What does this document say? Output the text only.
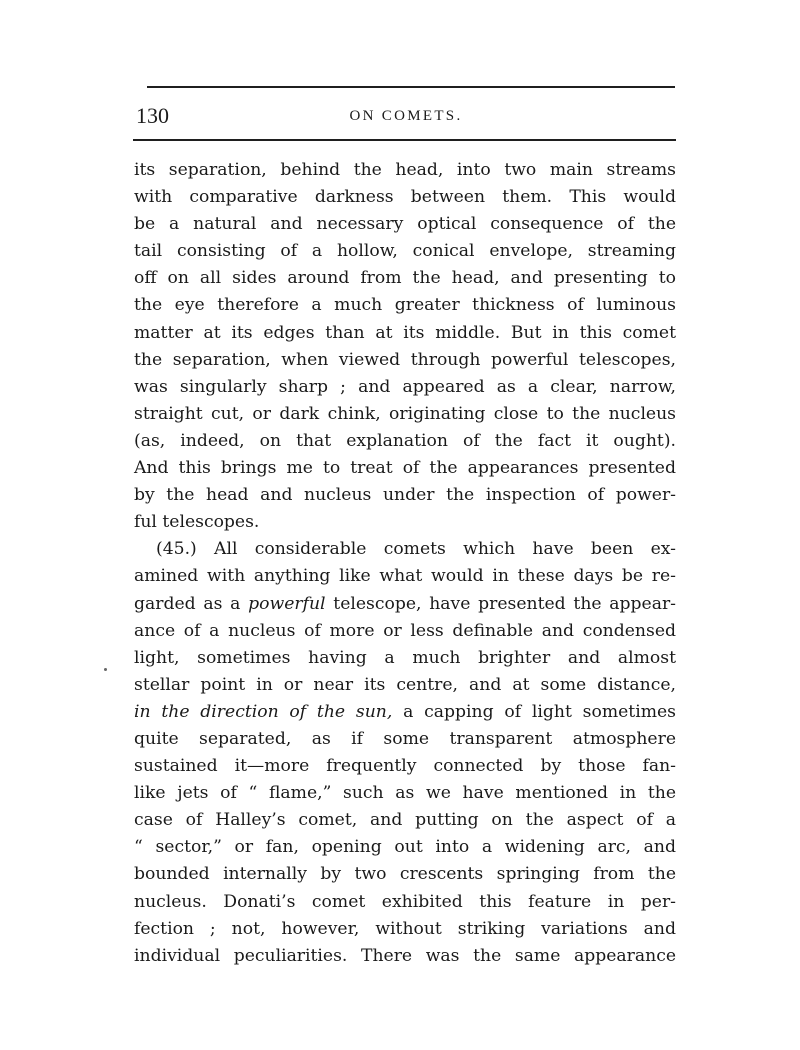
130	ON COMETS.
its separation, behind the head, into two main streams
with comparative darkness between them. This would
be a natural and necessary optical consequence of the
tail consisting of a hollow, conical envelope, streaming
off on all sides around from the head, and presenting to
the eye therefore a much greater thickness of luminous
matter at its edges than at its middle. But in this comet
the separation, when viewed through powerful telescopes,
was singularly sharp ; and appeared as a clear, narrow,
straight cut, or dark chink, originating close to the nucleus
(as, indeed, on that explanation of the fact it ought).
And this brings me to treat of the appearances presented
by the head and nucleus under the inspection of power-
ful telescopes.
(45.) All considerable comets which have been ex-
amined with anything like what would in these days be re-
garded as a powerful telescope, have presented the appear-
ance of a nucleus of more or less definable and condensed
light, sometimes having a much brighter and almost
stellar point in or near its centre, and at some distance,
in the direction of the sun, a capping of light sometimes
quite separated, as if some transparent atmosphere
sustained it—more frequently connected by those fan-
like jets of “ flame,” such as we have mentioned in the
case of Halley’s comet, and putting on the aspect of a
“ sector,” or fan, opening out into a widening arc, and
bounded internally by two crescents springing from the
nucleus. Donati’s comet exhibited this feature in per-
fection ; not, however, without striking variations and
individual peculiarities. There was the same appearance
